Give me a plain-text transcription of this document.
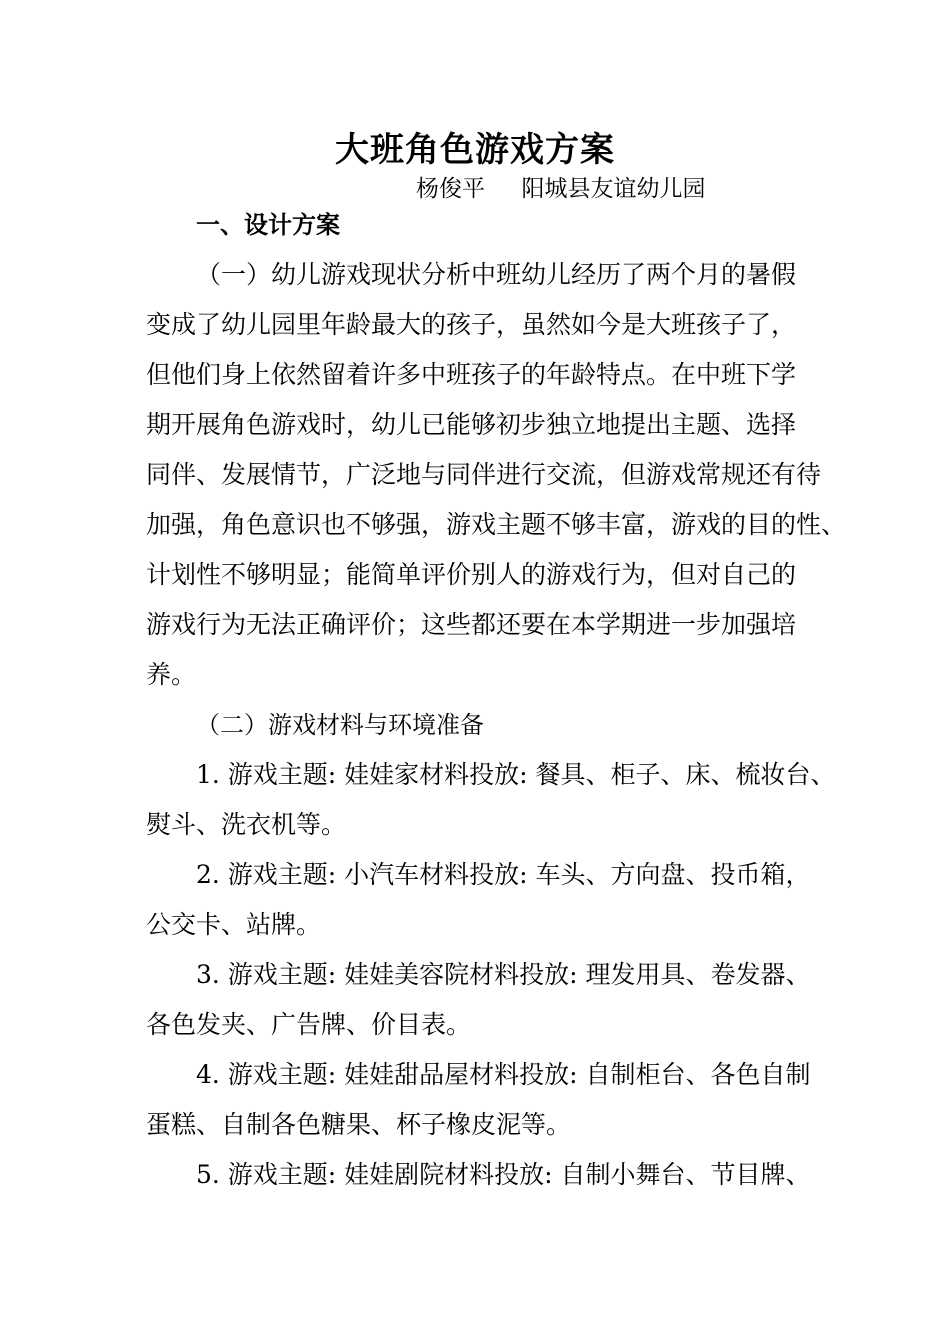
大班角色游戏方案
杨俊平     阳城县友谊幼儿园
一、设计方案
（一）幼儿游戏现状分析中班幼儿经历了两个月的暑假
变成了幼儿园里年龄最大的孩子，虽然如今是大班孩子了，
但他们身上依然留着许多中班孩子的年龄特点。在中班下学
期开展角色游戏时，幼儿已能够初步独立地提出主题、选择
同伴、发展情节，广泛地与同伴进行交流，但游戏常规还有待
加强，角色意识也不够强，游戏主题不够丰富，游戏的目的性、
计划性不够明显；能简单评价别人的游戏行为，但对自己的
游戏行为无法正确评价；这些都还要在本学期进一步加强培
养。
（二）游戏材料与环境准备
1. 游戏主题: 娃娃家材料投放: 餐具、柜子、床、梳妆台、
熨斗、洗衣机等。
2. 游戏主题: 小汽车材料投放: 车头、方向盘、投币箱，
公交卡、站牌。
3. 游戏主题: 娃娃美容院材料投放: 理发用具、卷发器、
各色发夹、广告牌、价目表。
4. 游戏主题: 娃娃甜品屋材料投放: 自制柜台、各色自制
蛋糕、自制各色糖果、杯子橡皮泥等。
5. 游戏主题: 娃娃剧院材料投放: 自制小舞台、节目牌、
